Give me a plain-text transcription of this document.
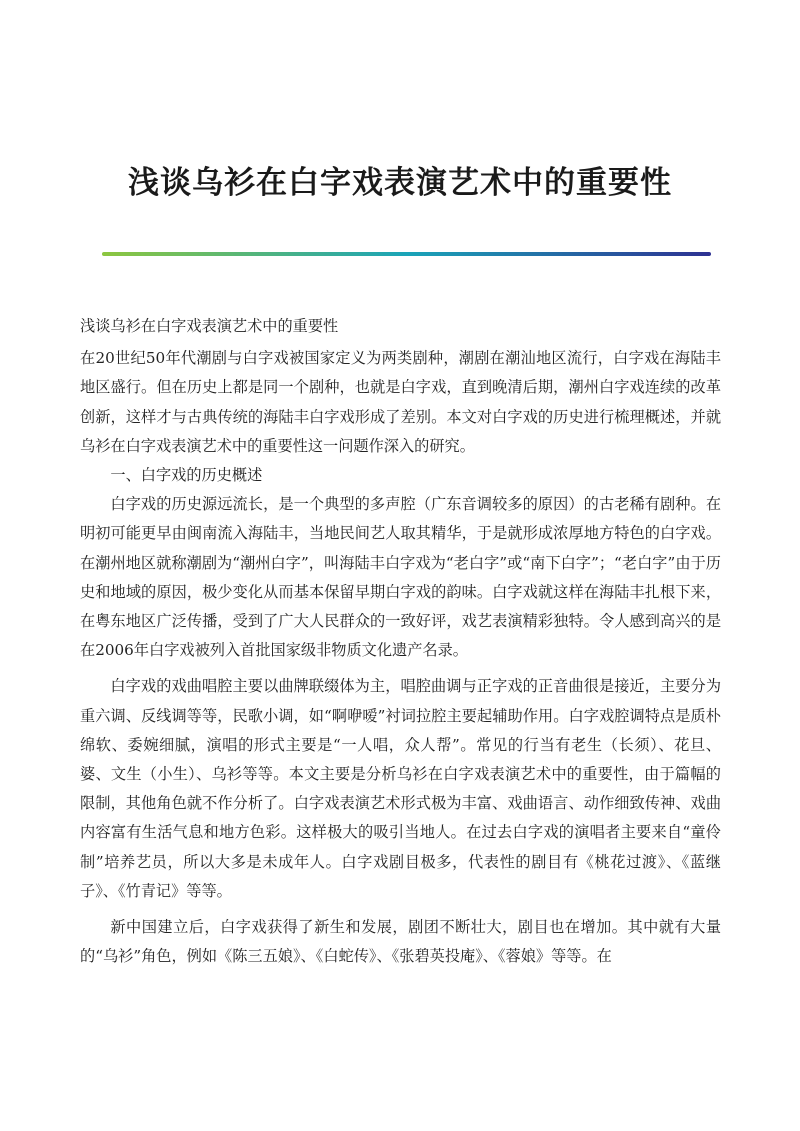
浅谈乌衫在白字戏表演艺术中的重要性

浅谈乌衫在白字戏表演艺术中的重要性

在20世纪50年代潮剧与白字戏被国家定义为两类剧种，潮剧在潮汕地区流行，白字戏在海陆丰地区盛行。但在历史上都是同一个剧种，也就是白字戏，直到晚清后期，潮州白字戏连续的改革创新，这样才与古典传统的海陆丰白字戏形成了差别。本文对白字戏的历史进行梳理概述，并就乌衫在白字戏表演艺术中的重要性这一问题作深入的研究。

一、白字戏的历史概述

白字戏的历史源远流长，是一个典型的多声腔（广东音调较多的原因）的古老稀有剧种。在明初可能更早由闽南流入海陆丰，当地民间艺人取其精华，于是就形成浓厚地方特色的白字戏。在潮州地区就称潮剧为“潮州白字”，叫海陆丰白字戏为“老白字”或“南下白字”；“老白字”由于历史和地域的原因，极少变化从而基本保留早期白字戏的韵味。白字戏就这样在海陆丰扎根下来，在粤东地区广泛传播，受到了广大人民群众的一致好评，戏艺表演精彩独特。令人感到高兴的是在2006年白字戏被列入首批国家级非物质文化遗产名录。

白字戏的戏曲唱腔主要以曲牌联缀体为主，唱腔曲调与正字戏的正音曲很是接近，主要分为重六调、反线调等等，民歌小调，如“啊咿嗳”衬词拉腔主要起辅助作用。白字戏腔调特点是质朴绵软、委婉细腻，演唱的形式主要是“一人唱，众人帮”。常见的行当有老生（长须）、花旦、婆、文生（小生）、乌衫等等。本文主要是分析乌衫在白字戏表演艺术中的重要性，由于篇幅的限制，其他角色就不作分析了。白字戏表演艺术形式极为丰富、戏曲语言、动作细致传神、戏曲内容富有生活气息和地方色彩。这样极大的吸引当地人。在过去白字戏的演唱者主要来自“童伶制”培养艺员，所以大多是未成年人。白字戏剧目极多，代表性的剧目有《桃花过渡》、《蓝继子》、《竹青记》等等。

新中国建立后，白字戏获得了新生和发展，剧团不断壮大，剧目也在增加。其中就有大量的“乌衫”角色，例如《陈三五娘》、《白蛇传》、《张碧英投庵》、《蓉娘》等等。在
